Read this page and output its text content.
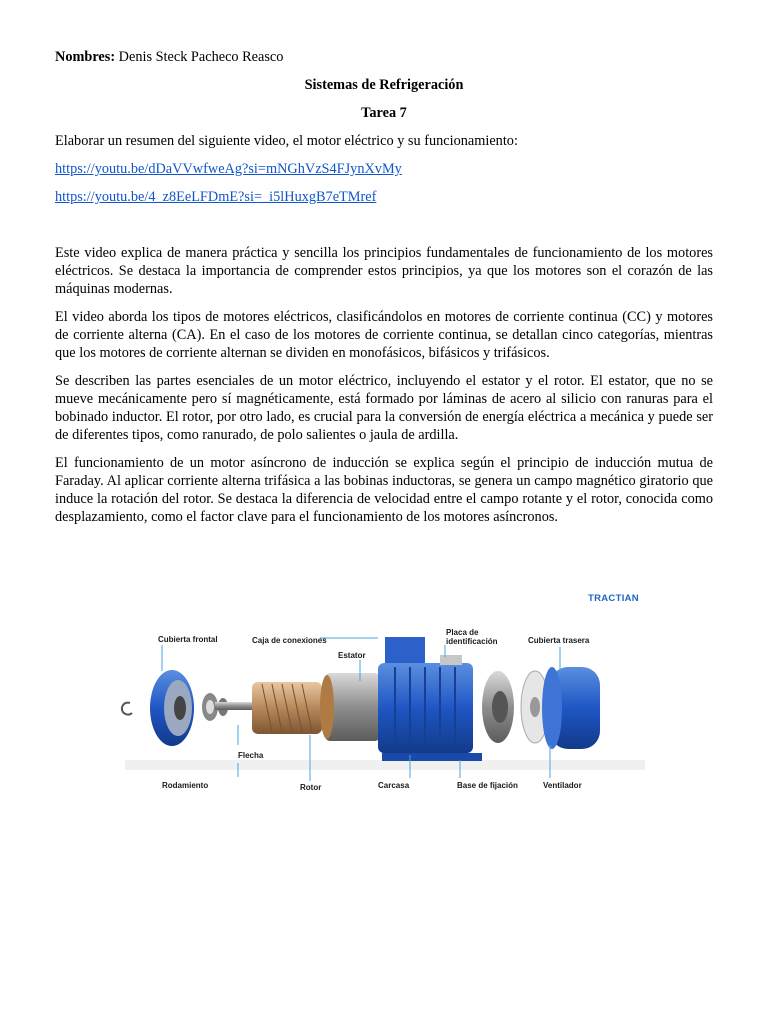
Nombres: Denis Steck Pacheco Reasco
Sistemas de Refrigeración
Tarea 7
Elaborar un resumen del siguiente video, el motor eléctrico y su funcionamiento:
https://youtu.be/dDaVVwfweAg?si=mNGhVzS4FJynXvMy
https://youtu.be/4_z8EeLFDmE?si=_i5lHuxgB7eTMref

Este video explica de manera práctica y sencilla los principios fundamentales de funcionamiento de los motores eléctricos. Se destaca la importancia de comprender estos principios, ya que los motores son el corazón de las máquinas modernas.

El video aborda los tipos de motores eléctricos, clasificándolos en motores de corriente continua (CC) y motores de corriente alterna (CA). En el caso de los motores de corriente continua, se detallan cinco categorías, mientras que los motores de corriente alternan se dividen en monofásicos, bifásicos y trifásicos.

Se describen las partes esenciales de un motor eléctrico, incluyendo el estator y el rotor. El estator, que no se mueve mecánicamente pero sí magnéticamente, está formado por láminas de acero al silicio con ranuras para el bobinado inductor. El rotor, por otro lado, es crucial para la conversión de energía eléctrica a mecánica y puede ser de diferentes tipos, como ranurado, de polo salientes o jaula de ardilla.

El funcionamiento de un motor asíncrono de inducción se explica según el principio de inducción mutua de Faraday. Al aplicar corriente alterna trifásica a las bobinas inductoras, se genera un campo magnético giratorio que induce la rotación del rotor. Se destaca la diferencia de velocidad entre el campo rotante y el rotor, conocida como desplazamiento, como el factor clave para el funcionamiento de los motores asíncronos.

TRACTIAN
Cubierta frontal	Caja de conexiones
Estator
Placa de
identificación	Cubierta trasera
Flecha
Rodamiento	Rotor	Carcasa	Base de fijación	Ventilador
